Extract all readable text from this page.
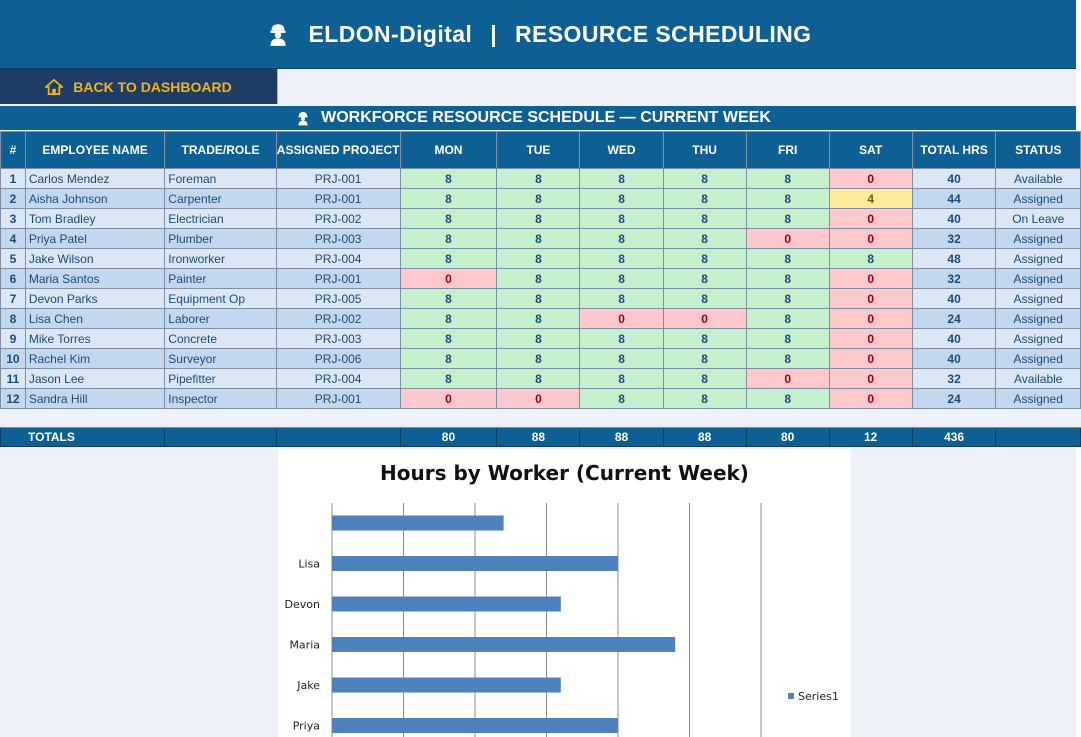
ELDON-Digital | RESOURCE SCHEDULING
BACK TO DASHBOARD
WORKFORCE RESOURCE SCHEDULE — CURRENT WEEK
#	EMPLOYEE NAME	TRADE/ROLE	ASSIGNED PROJECT	MON	TUE	WED	THU	FRI	SAT	TOTAL HRS	STATUS
1	Carlos Mendez	Foreman	PRJ-001	8	8	8	8	8	0	40	Available
2	Aisha Johnson	Carpenter	PRJ-001	8	8	8	8	8	4	44	Assigned
3	Tom Bradley	Electrician	PRJ-002	8	8	8	8	8	0	40	On Leave
4	Priya Patel	Plumber	PRJ-003	8	8	8	8	0	0	32	Assigned
5	Jake Wilson	Ironworker	PRJ-004	8	8	8	8	8	8	48	Assigned
6	Maria Santos	Painter	PRJ-001	0	8	8	8	8	0	32	Assigned
7	Devon Parks	Equipment Op	PRJ-005	8	8	8	8	8	0	40	Assigned
8	Lisa Chen	Laborer	PRJ-002	8	8	0	0	8	0	24	Assigned
9	Mike Torres	Concrete	PRJ-003	8	8	8	8	8	0	40	Assigned
10	Rachel Kim	Surveyor	PRJ-006	8	8	8	8	8	0	40	Assigned
11	Jason Lee	Pipefitter	PRJ-004	8	8	8	8	0	0	32	Available
12	Sandra Hill	Inspector	PRJ-001	0	0	8	8	8	0	24	Assigned

TOTALS				80	88	88	88	80	12	436	
Hours by Worker (Current Week)
Lisa
Devon
Maria
Jake
Priya
Series1
